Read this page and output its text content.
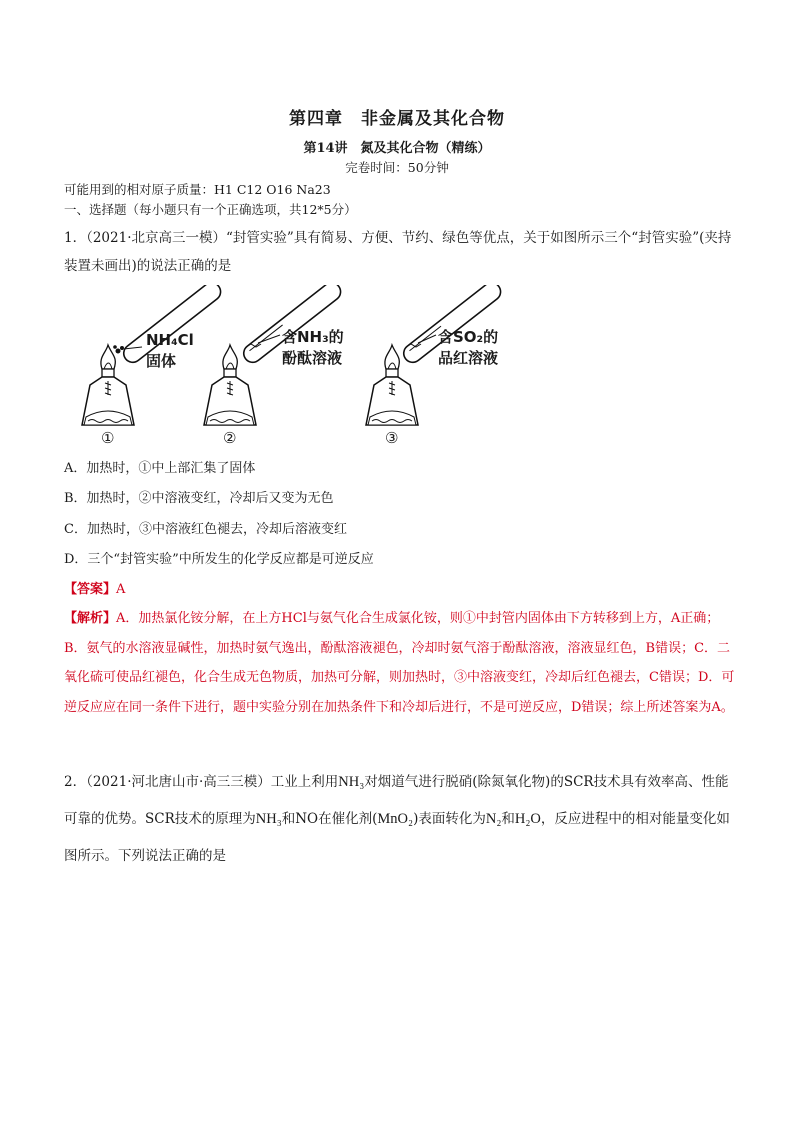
第四章　非金属及其化合物
第14讲　氮及其化合物（精练）
完卷时间：50分钟
可能用到的相对原子质量：H1 C12 O16 Na23
一、选择题（每小题只有一个正确选项，共12*5分）
1．（2021·北京高三一模）“封管实验”具有简易、方便、节约、绿色等优点，关于如图所示三个“封管实验”(夹持装置未画出)的说法正确的是
NH₄Cl
固体
①
含NH₃的
酚酞溶液
②
含SO₂的
品红溶液
③
A．加热时，①中上部汇集了固体
B．加热时，②中溶液变红，冷却后又变为无色
C．加热时，③中溶液红色褪去，冷却后溶液变红
D．三个“封管实验”中所发生的化学反应都是可逆反应
【答案】A
【解析】A．加热氯化铵分解，在上方HCl与氨气化合生成氯化铵，则①中封管内固体由下方转移到上方，A正确；B．氨气的水溶液显碱性，加热时氨气逸出，酚酞溶液褪色，冷却时氨气溶于酚酞溶液，溶液显红色，B错误；C．二氧化硫可使品红褪色，化合生成无色物质，加热可分解，则加热时，③中溶液变红，冷却后红色褪去，C错误；D．可逆反应应在同一条件下进行，题中实验分别在加热条件下和冷却后进行，不是可逆反应，D错误；综上所述答案为A。
2．（2021·河北唐山市·高三三模）工业上利用NH₃对烟道气进行脱硝(除氮氧化物)的SCR技术具有效率高、性能可靠的优势。SCR技术的原理为NH₃和NO在催化剂(MnO₂)表面转化为N₂和H₂O，反应进程中的相对能量变化如图所示。下列说法正确的是
